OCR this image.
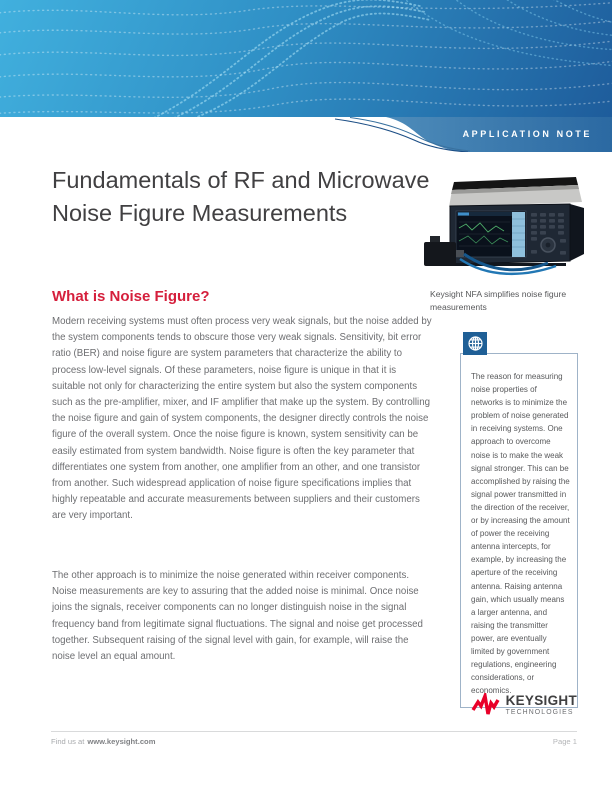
APPLICATION NOTE
Fundamentals of RF and Microwave
Noise Figure Measurements

Keysight NFA simplifies noise figure measurements

What is Noise Figure?

Modern receiving systems must often process very weak signals, but the noise added by the system components tends to obscure those very weak signals. Sensitivity, bit error ratio (BER) and noise figure are system parameters that characterize the ability to process low-level signals. Of these parameters, noise figure is unique in that it is suitable not only for characterizing the entire system but also the system components such as the pre-amplifier, mixer, and IF amplifier that make up the system. By controlling the noise figure and gain of system components, the designer directly controls the noise figure of the overall system. Once the noise figure is known, system sensitivity can be easily estimated from system bandwidth. Noise figure is often the key parameter that differentiates one system from another, one amplifier from an other, and one transistor from another. Such widespread application of noise figure specifications implies that highly repeatable and accurate measurements between suppliers and their customers are very important.

The other approach is to minimize the noise generated within receiver components. Noise measurements are key to assuring that the added noise is minimal. Once noise joins the signals, receiver components can no longer distinguish noise in the signal frequency band from legitimate signal fluctuations. The signal and noise get processed together. Subsequent raising of the signal level with gain, for example, will raise the noise level an equal amount.

The reason for measuring noise properties of networks is to minimize the problem of noise generated in receiving systems. One approach to overcome noise is to make the weak signal stronger. This can be accomplished by raising the signal power transmitted in the direction of the receiver, or by increasing the amount of power the receiving antenna intercepts, for example, by increasing the aperture of the receiving antenna. Raising antenna gain, which usually means a larger antenna, and raising the transmitter power, are eventually limited by government regulations, engineering considerations, or economics.

KEYSIGHT
TECHNOLOGIES
Find us at www.keysight.com	Page 1
